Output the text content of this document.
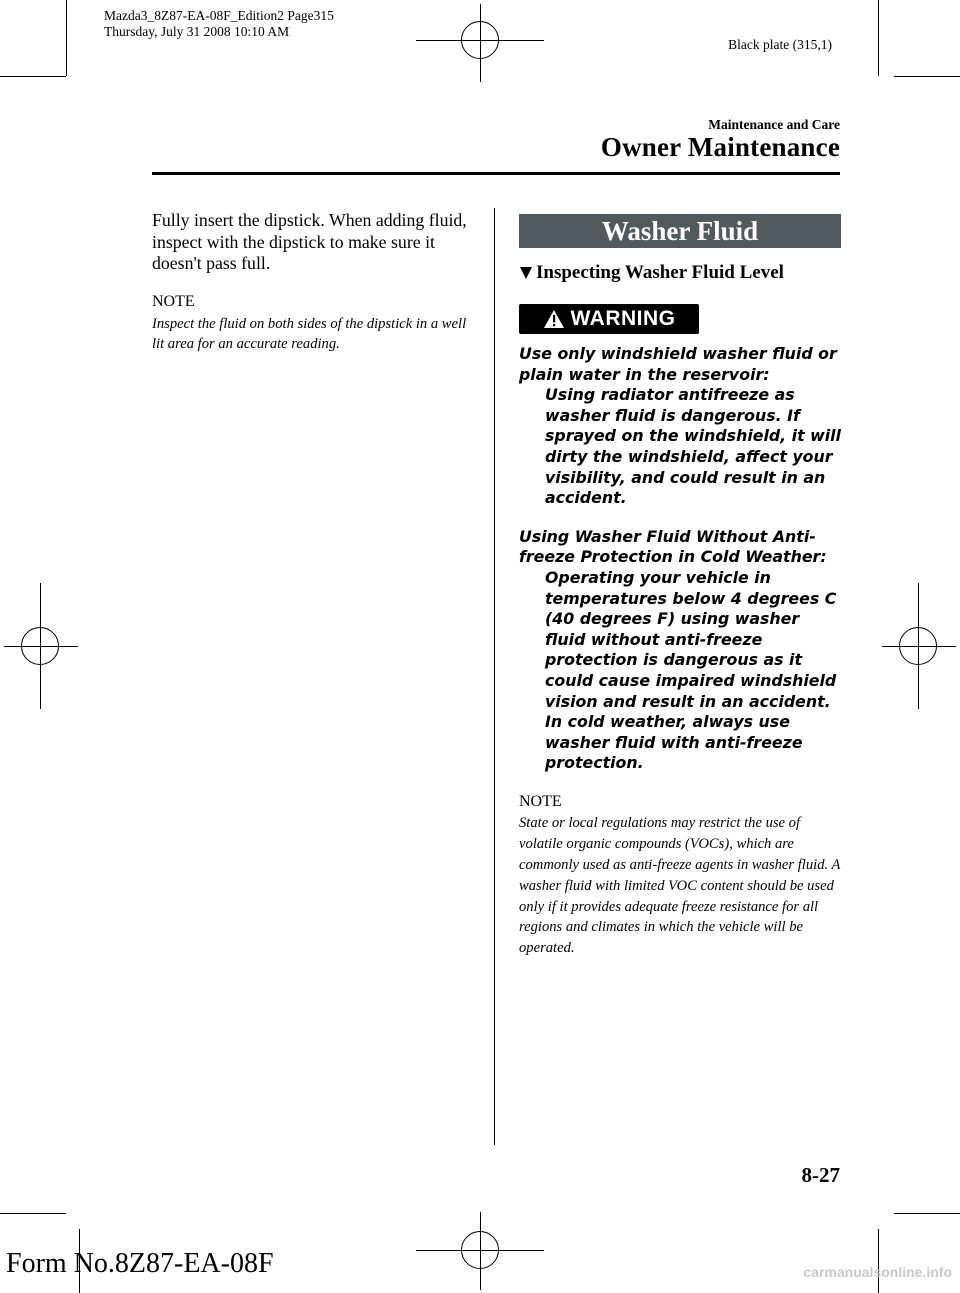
Mazda3_8Z87-EA-08F_Edition2 Page315
Thursday, July 31 2008 10:10 AM
Black plate (315,1)
Maintenance and Care
Owner Maintenance

Fully insert the dipstick. When adding fluid, inspect with the dipstick to make sure it doesn't pass full.

NOTE

Inspect the fluid on both sides of the dipstick in a well lit area for an accurate reading.

Washer Fluid
Inspecting Washer Fluid Level
WARNING

Use only windshield washer fluid or plain water in the reservoir:

Using radiator antifreeze as washer fluid is dangerous. If sprayed on the windshield, it will dirty the windshield, affect your visibility, and could result in an accident.

Using Washer Fluid Without Anti-freeze Protection in Cold Weather:

Operating your vehicle in temperatures below 4 degrees C (40 degrees F) using washer fluid without anti-freeze protection is dangerous as it could cause impaired windshield vision and result in an accident. In cold weather, always use washer fluid with anti-freeze protection.

NOTE

State or local regulations may restrict the use of volatile organic compounds (VOCs), which are commonly used as anti-freeze agents in washer fluid. A washer fluid with limited VOC content should be used only if it provides adequate freeze resistance for all regions and climates in which the vehicle will be operated.

8-27
Form No.8Z87-EA-08F	carmanualsonline.info
